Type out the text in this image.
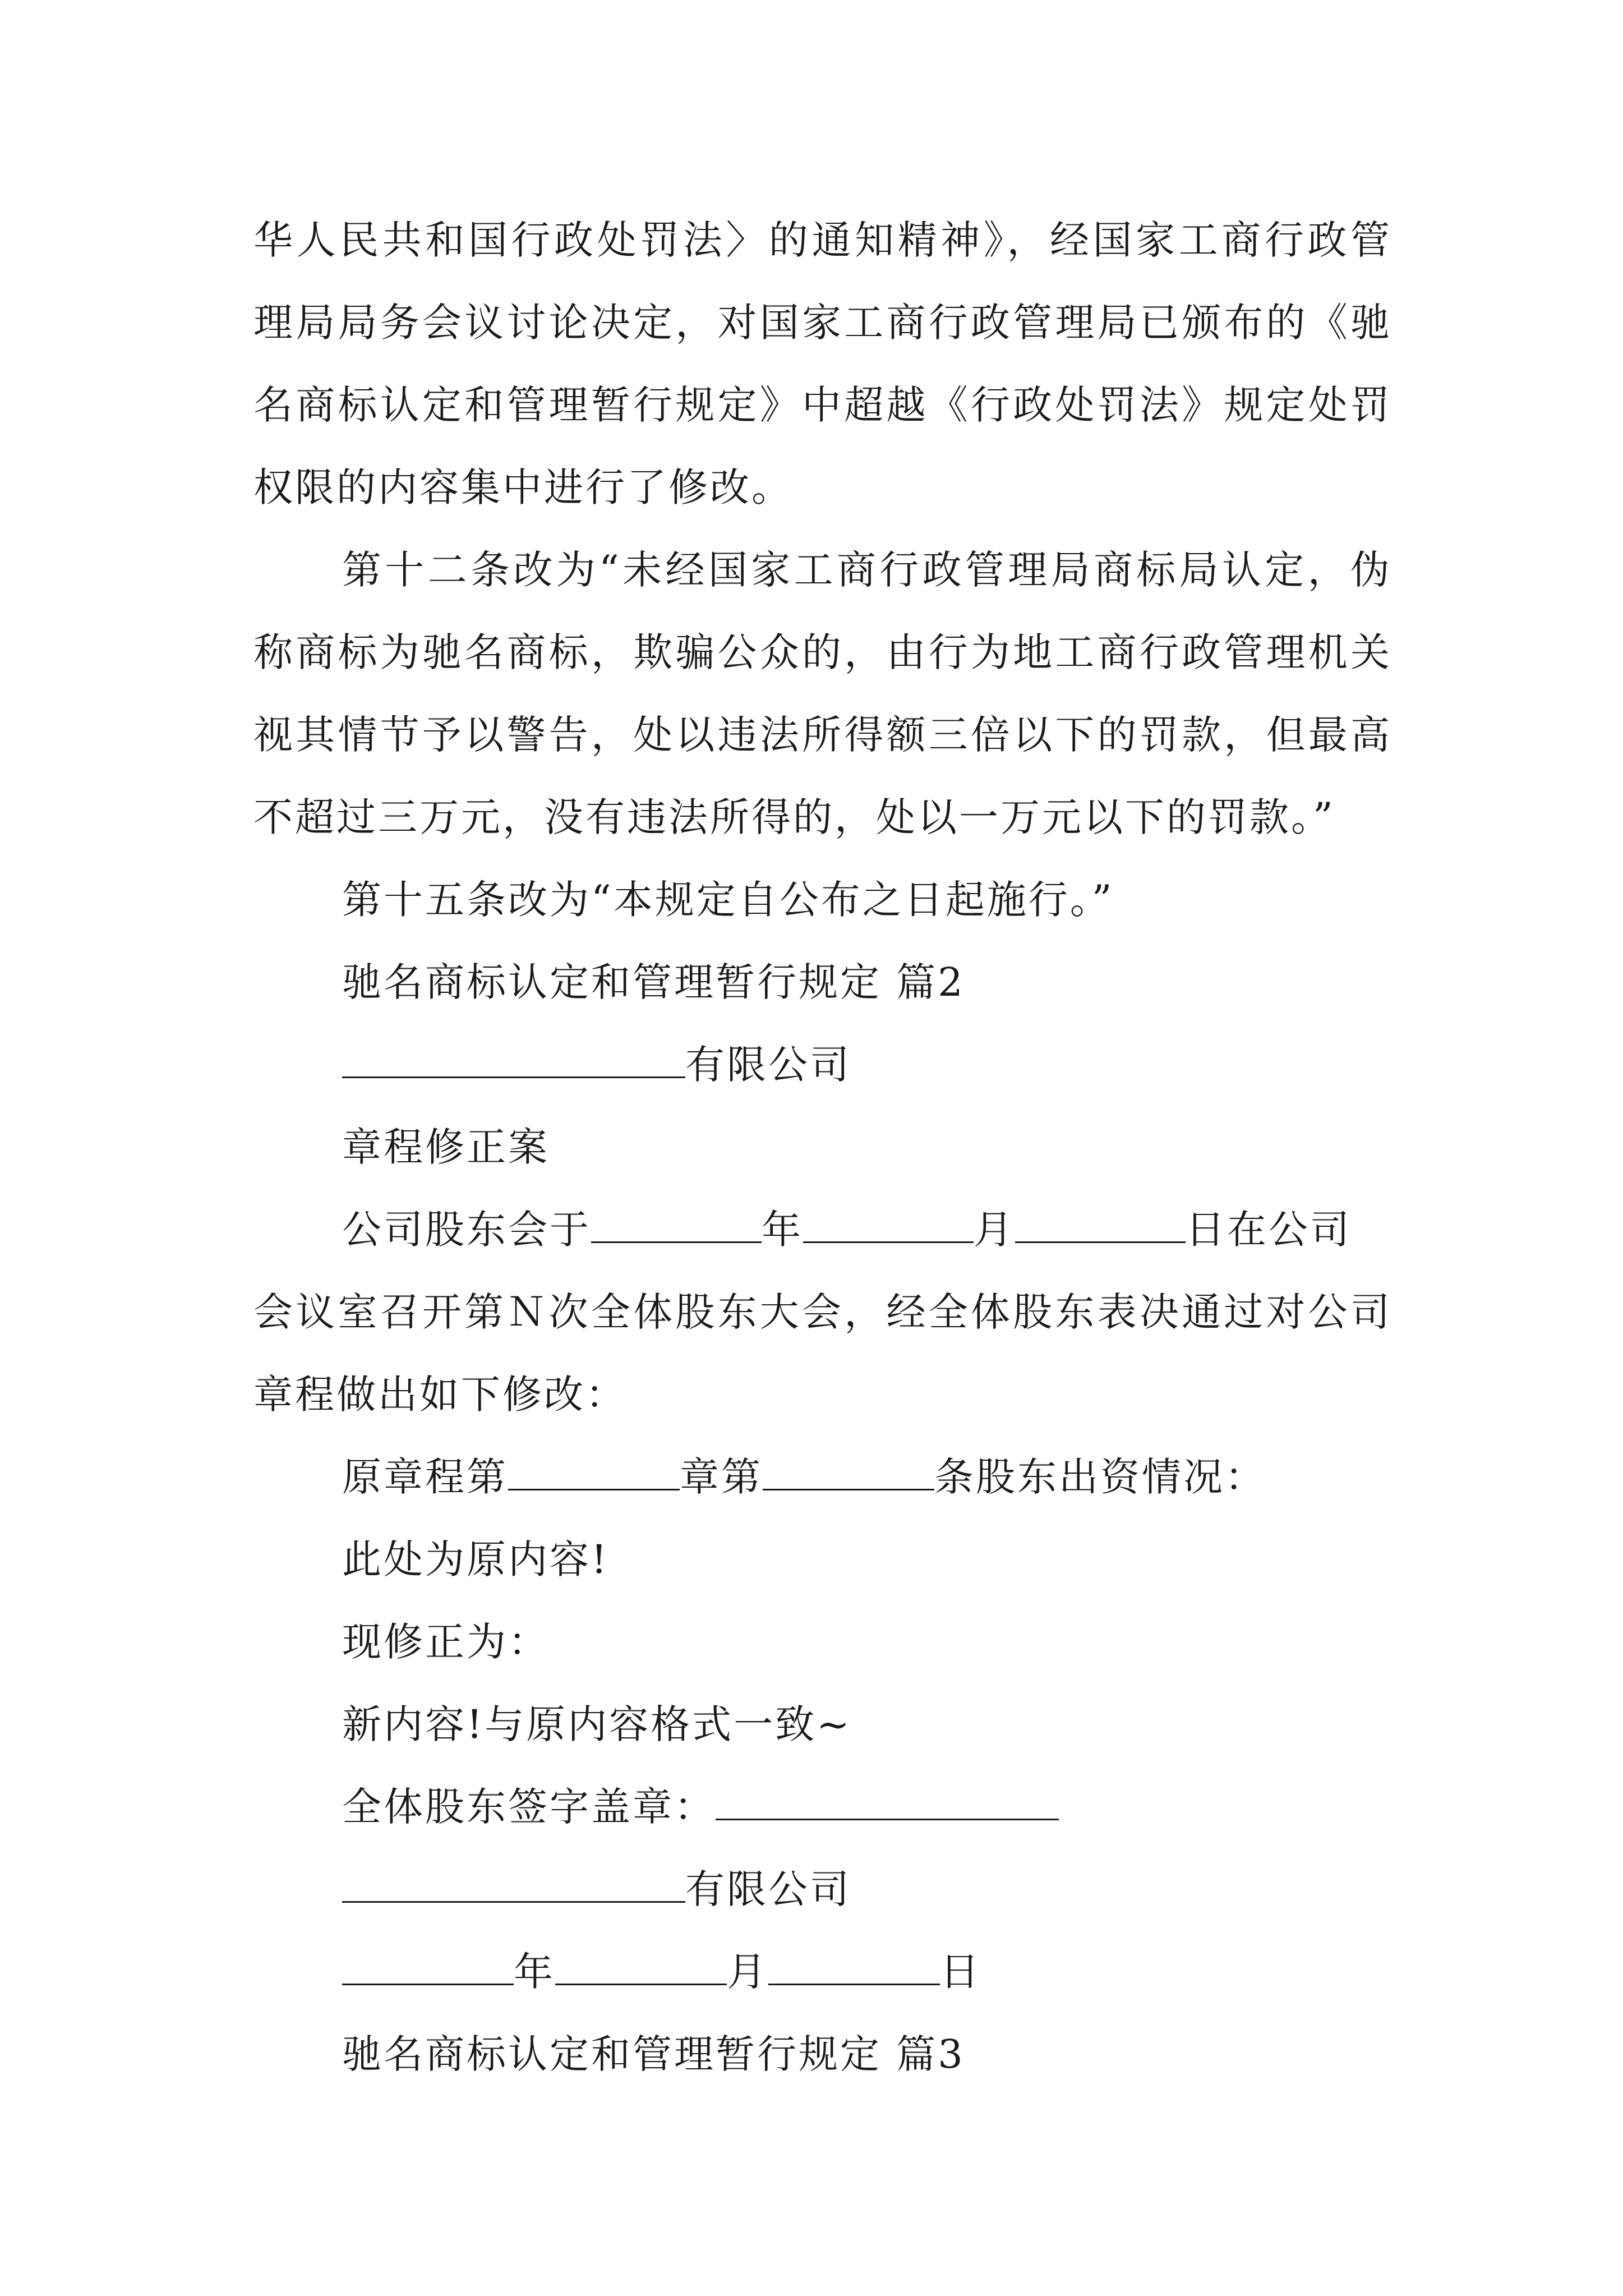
华人民共和国行政处罚法〉的通知精神》，经国家工商行政管理局局务会议讨论决定，对国家工商行政管理局已颁布的《驰名商标认定和管理暂行规定》中超越《行政处罚法》规定处罚权限的内容集中进行了修改。

第十二条改为“未经国家工商行政管理局商标局认定，伪称商标为驰名商标，欺骗公众的，由行为地工商行政管理机关视其情节予以警告，处以违法所得额三倍以下的罚款，但最高不超过三万元，没有违法所得的，处以一万元以下的罚款。”

第十五条改为“本规定自公布之日起施行。”
驰名商标认定和管理暂行规定 篇2
有限公司
章程修正案
公司股东会于	年	月	日在公司

会议室召开第Ｎ次全体股东大会，经全体股东表决通过对公司章程做出如下修改：

原章程第	章第	条股东出资情况：
此处为原内容!
现修正为：
新内容!与原内容格式一致~
全体股东签字盖章：
有限公司
年	月	日
驰名商标认定和管理暂行规定 篇3
